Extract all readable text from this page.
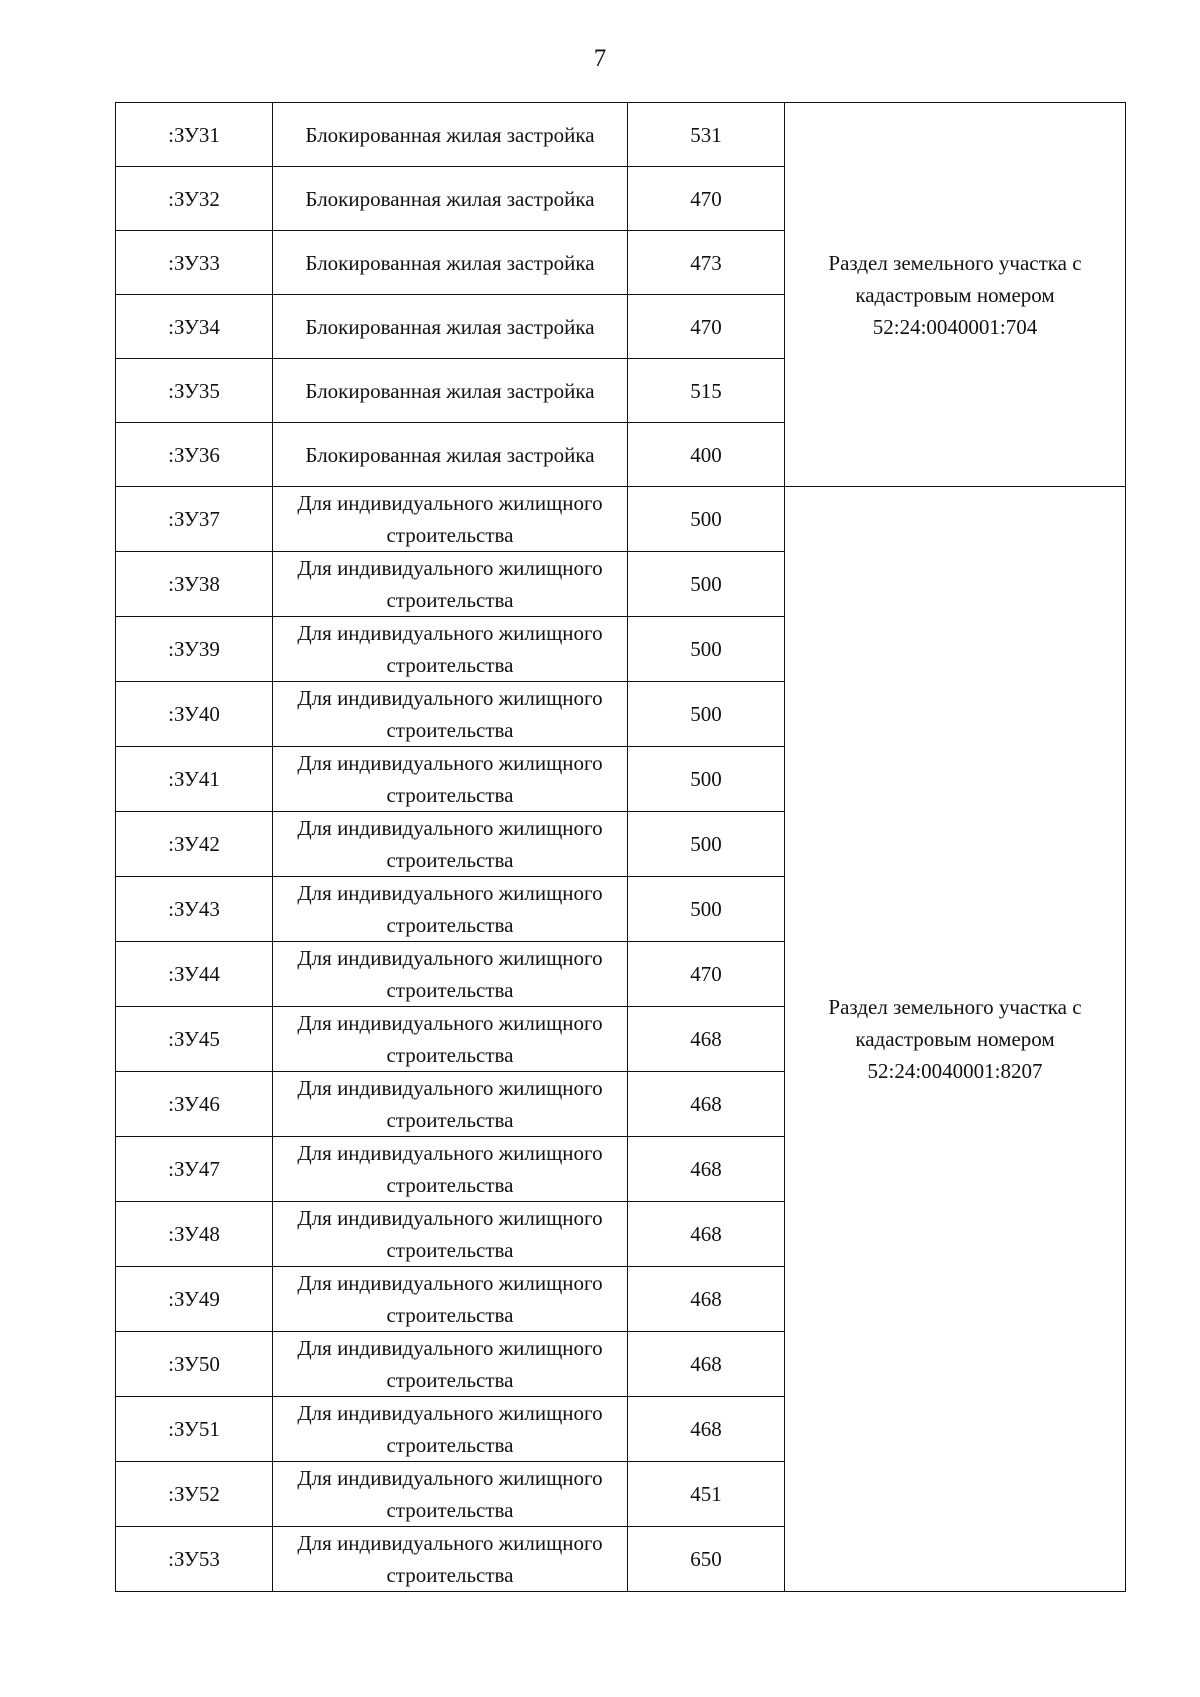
7
:ЗУ31	Блокированная жилая застройка	531	Раздел земельного участка с кадастровым номером 52:24:0040001:704
:ЗУ32	Блокированная жилая застройка	470	
:ЗУ33	Блокированная жилая застройка	473	
:ЗУ34	Блокированная жилая застройка	470	
:ЗУ35	Блокированная жилая застройка	515	
:ЗУ36	Блокированная жилая застройка	400	
:ЗУ37	Для индивидуального жилищного строительства	500	Раздел земельного участка с кадастровым номером 52:24:0040001:8207
:ЗУ38	Для индивидуального жилищного строительства	500	
:ЗУ39	Для индивидуального жилищного строительства	500	
:ЗУ40	Для индивидуального жилищного строительства	500	
:ЗУ41	Для индивидуального жилищного строительства	500	
:ЗУ42	Для индивидуального жилищного строительства	500	
:ЗУ43	Для индивидуального жилищного строительства	500	
:ЗУ44	Для индивидуального жилищного строительства	470	
:ЗУ45	Для индивидуального жилищного строительства	468	
:ЗУ46	Для индивидуального жилищного строительства	468	
:ЗУ47	Для индивидуального жилищного строительства	468	
:ЗУ48	Для индивидуального жилищного строительства	468	
:ЗУ49	Для индивидуального жилищного строительства	468	
:ЗУ50	Для индивидуального жилищного строительства	468	
:ЗУ51	Для индивидуального жилищного строительства	468	
:ЗУ52	Для индивидуального жилищного строительства	451	
:ЗУ53	Для индивидуального жилищного строительства	650	
